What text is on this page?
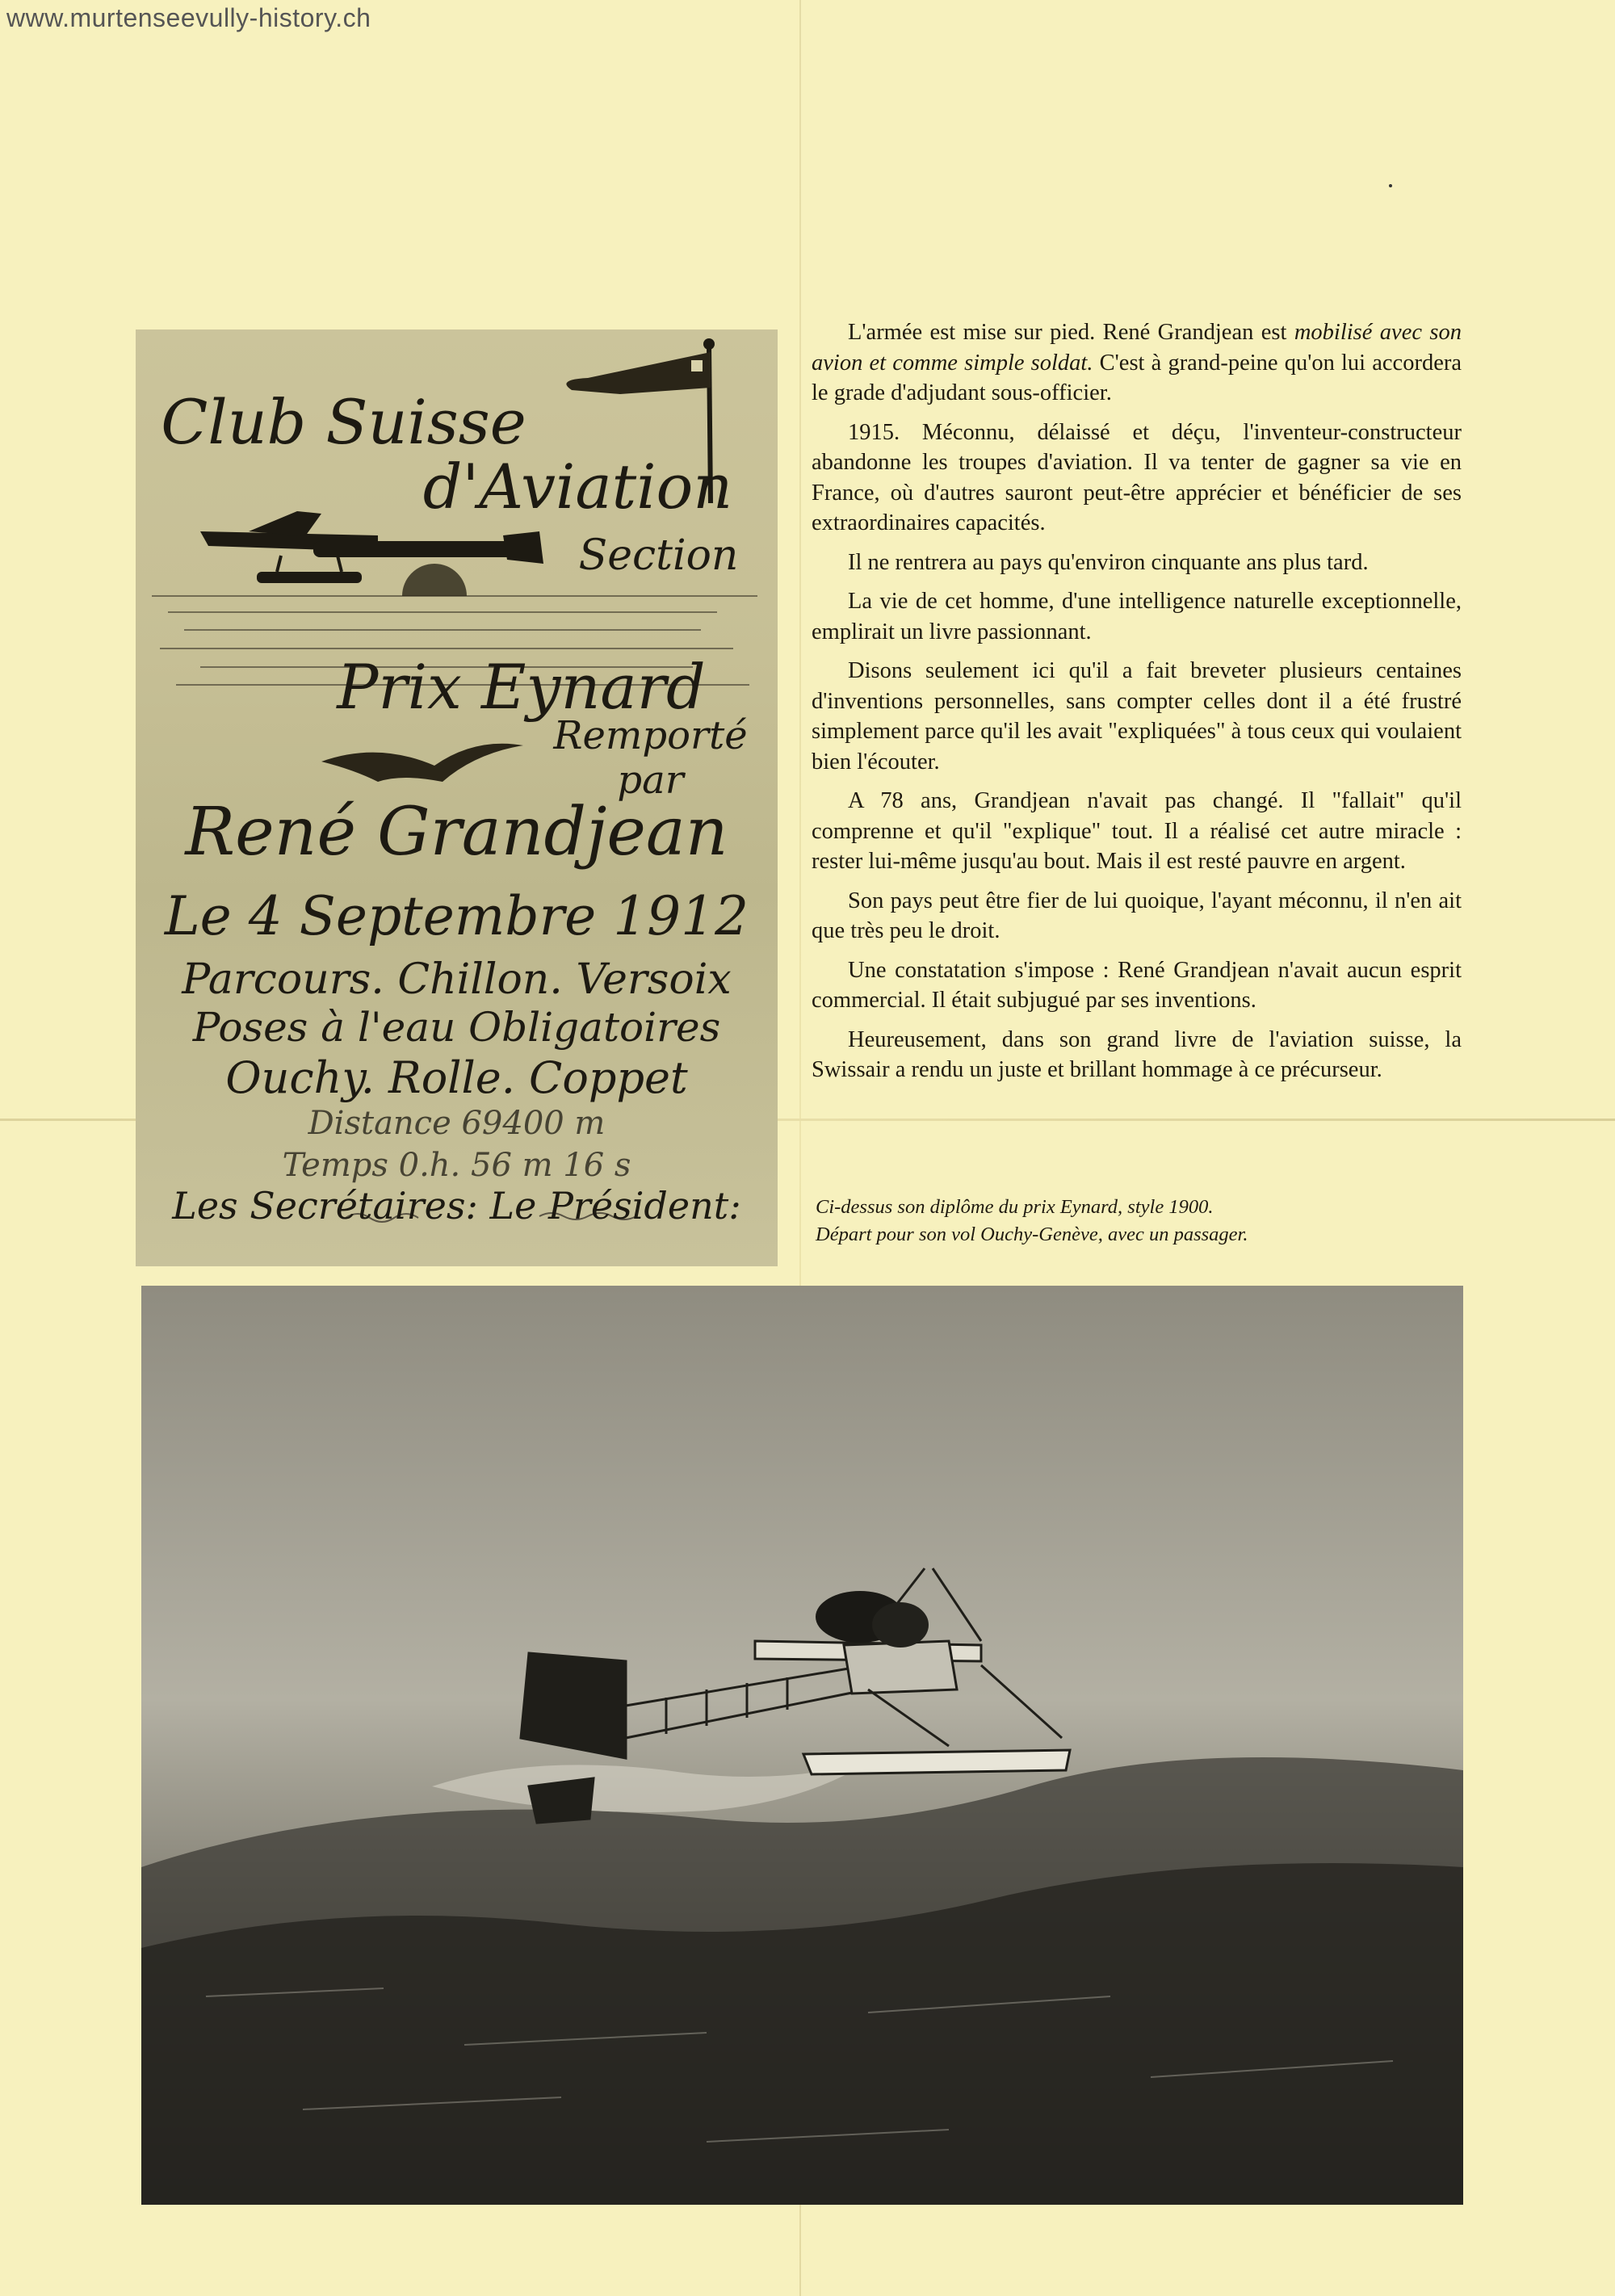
www.murtenseevully-history.ch
Club Suisse
d'Aviation
Section
Prix Eynard
Remporté
par
René Grandjean
Le 4 Septembre 1912
Parcours. Chillon. Versoix
Poses à l'eau Obligatoires
Ouchy. Rolle. Coppet
Distance 69400 m
Temps 0.h. 56 m 16 s
Les Secrétaires: Le Président:

L'armée est mise sur pied. René Grandjean est mobilisé avec son avion et comme simple soldat. C'est à grand-peine qu'on lui accordera le grade d'adjudant sous-officier.

1915. Méconnu, délaissé et déçu, l'inventeur-constructeur abandonne les troupes d'aviation. Il va tenter de gagner sa vie en France, où d'autres sauront peut-être apprécier et bénéficier de ses extraordinaires capacités.

Il ne rentrera au pays qu'environ cinquante ans plus tard.

La vie de cet homme, d'une intelligence naturelle exceptionnelle, emplirait un livre passionnant.

Disons seulement ici qu'il a fait breveter plusieurs centaines d'inventions personnelles, sans compter celles dont il a été frustré simplement parce qu'il les avait "expliquées" à tous ceux qui voulaient bien l'écouter.

A 78 ans, Grandjean n'avait pas changé. Il "fallait" qu'il comprenne et qu'il "explique" tout. Il a réalisé cet autre miracle : rester lui-même jusqu'au bout. Mais il est resté pauvre en argent.

Son pays peut être fier de lui quoique, l'ayant méconnu, il n'en ait que très peu le droit.

Une constatation s'impose : René Grandjean n'avait aucun esprit commercial. Il était subjugué par ses inventions.

Heureusement, dans son grand livre de l'aviation suisse, la Swissair a rendu un juste et brillant hommage à ce précurseur.

Ci-dessus son diplôme du prix Eynard, style 1900.
Départ pour son vol Ouchy-Genève, avec un passager.
